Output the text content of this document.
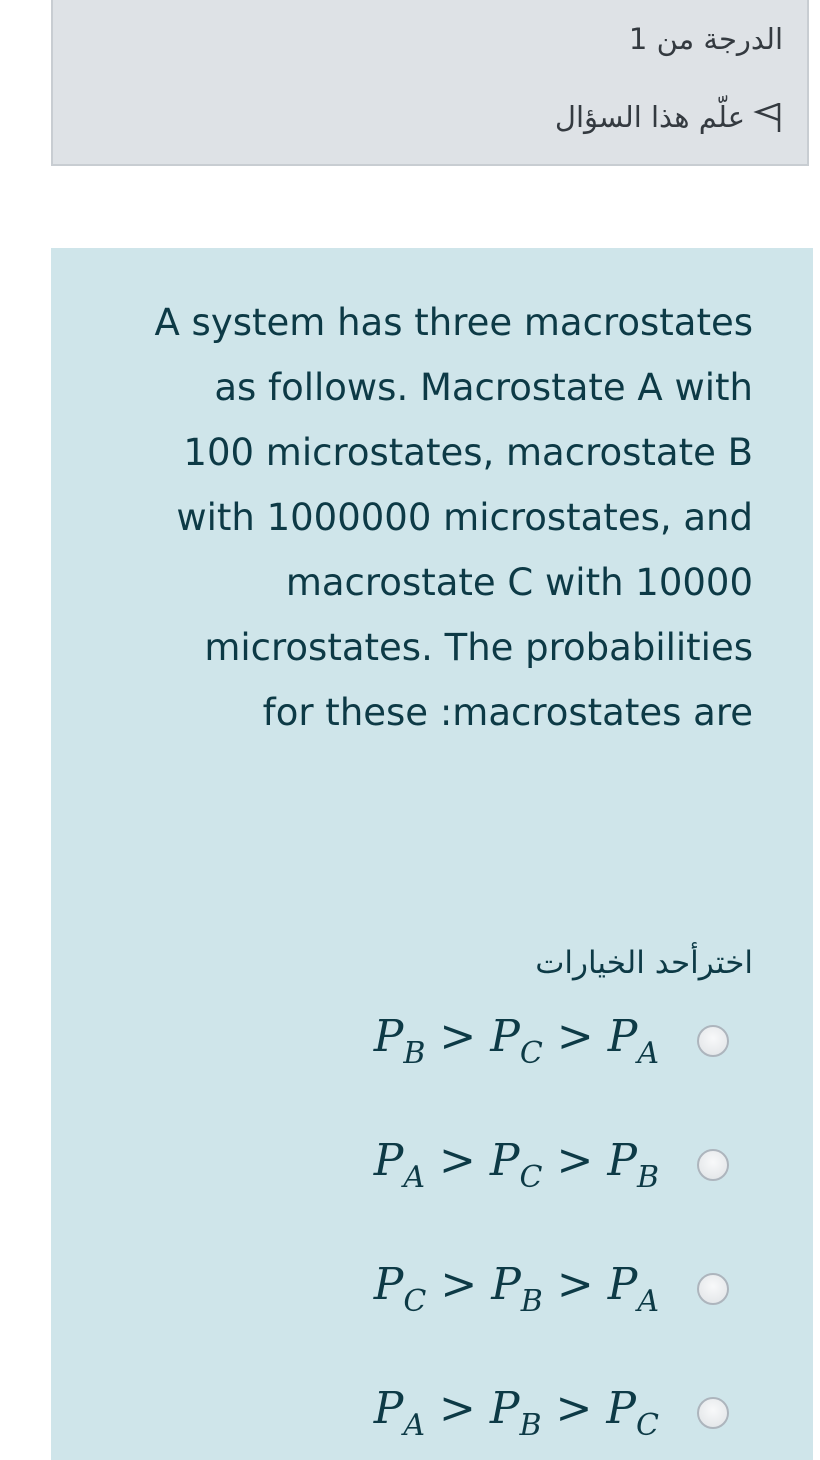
الدرجة من 1
علّم هذا السؤال
A system has three macrostates as follows. Macrostate A with 100 microstates, macrostate B with 1000000 microstates, and macrostate C with 10000 microstates. The probabilities for these :macrostates are
اخترأحد الخيارات
$P_B > P_C > P_A$
$P_A > P_C > P_B$
$P_C > P_B > P_A$
$P_A > P_B > P_C$
